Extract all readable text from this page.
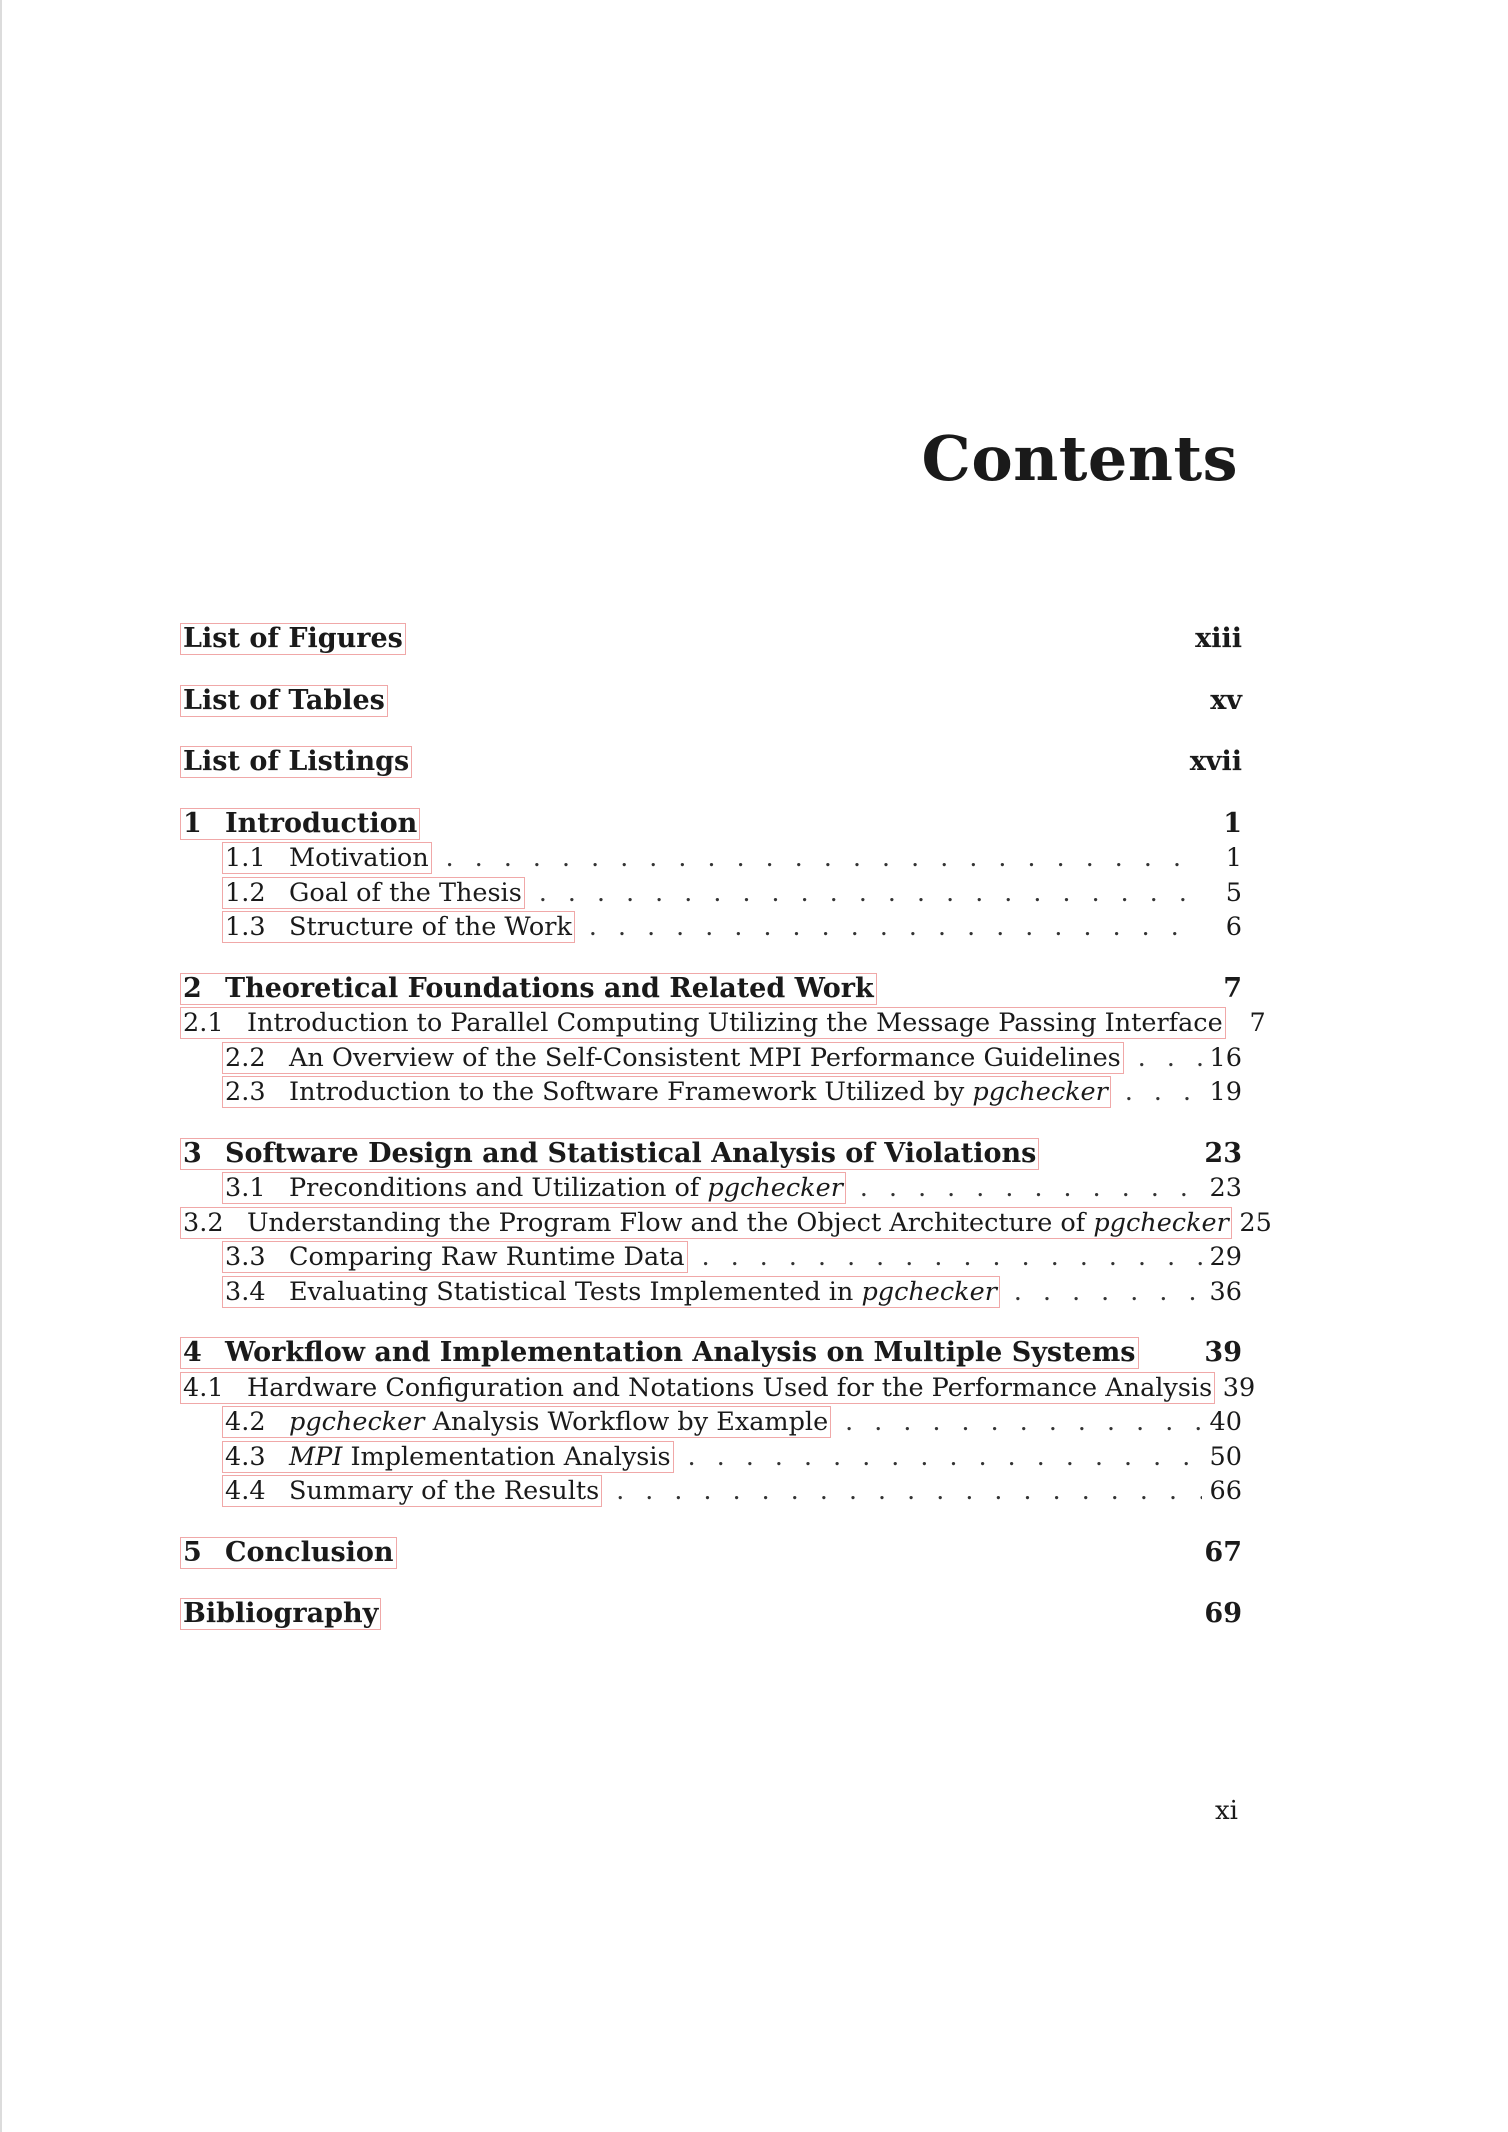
Contents
List of Figures	xiii
List of Tables	xv
List of Listings	xvii
1 Introduction	1
1.1 Motivation . . .	1
1.2 Goal of the Thesis . . .	5
1.3 Structure of the Work . . .	6
2 Theoretical Foundations and Related Work	7
2.1 Introduction to Parallel Computing Utilizing the Message Passing Interface	7
2.2 An Overview of the Self-Consistent MPI Performance Guidelines . . .	16
2.3 Introduction to the Software Framework Utilized by pgchecker . . .	19
3 Software Design and Statistical Analysis of Violations	23
3.1 Preconditions and Utilization of pgchecker . . .	23
3.2 Understanding the Program Flow and the Object Architecture of pgchecker 25
3.3 Comparing Raw Runtime Data . . .	29
3.4 Evaluating Statistical Tests Implemented in pgchecker . . .	36
4 Workflow and Implementation Analysis on Multiple Systems	39
4.1 Hardware Configuration and Notations Used for the Performance Analysis 39
4.2 pgchecker Analysis Workflow by Example . . .	40
4.3 MPI Implementation Analysis . . .	50
4.4 Summary of the Results . . .	66
5 Conclusion	67
Bibliography	69
xi
